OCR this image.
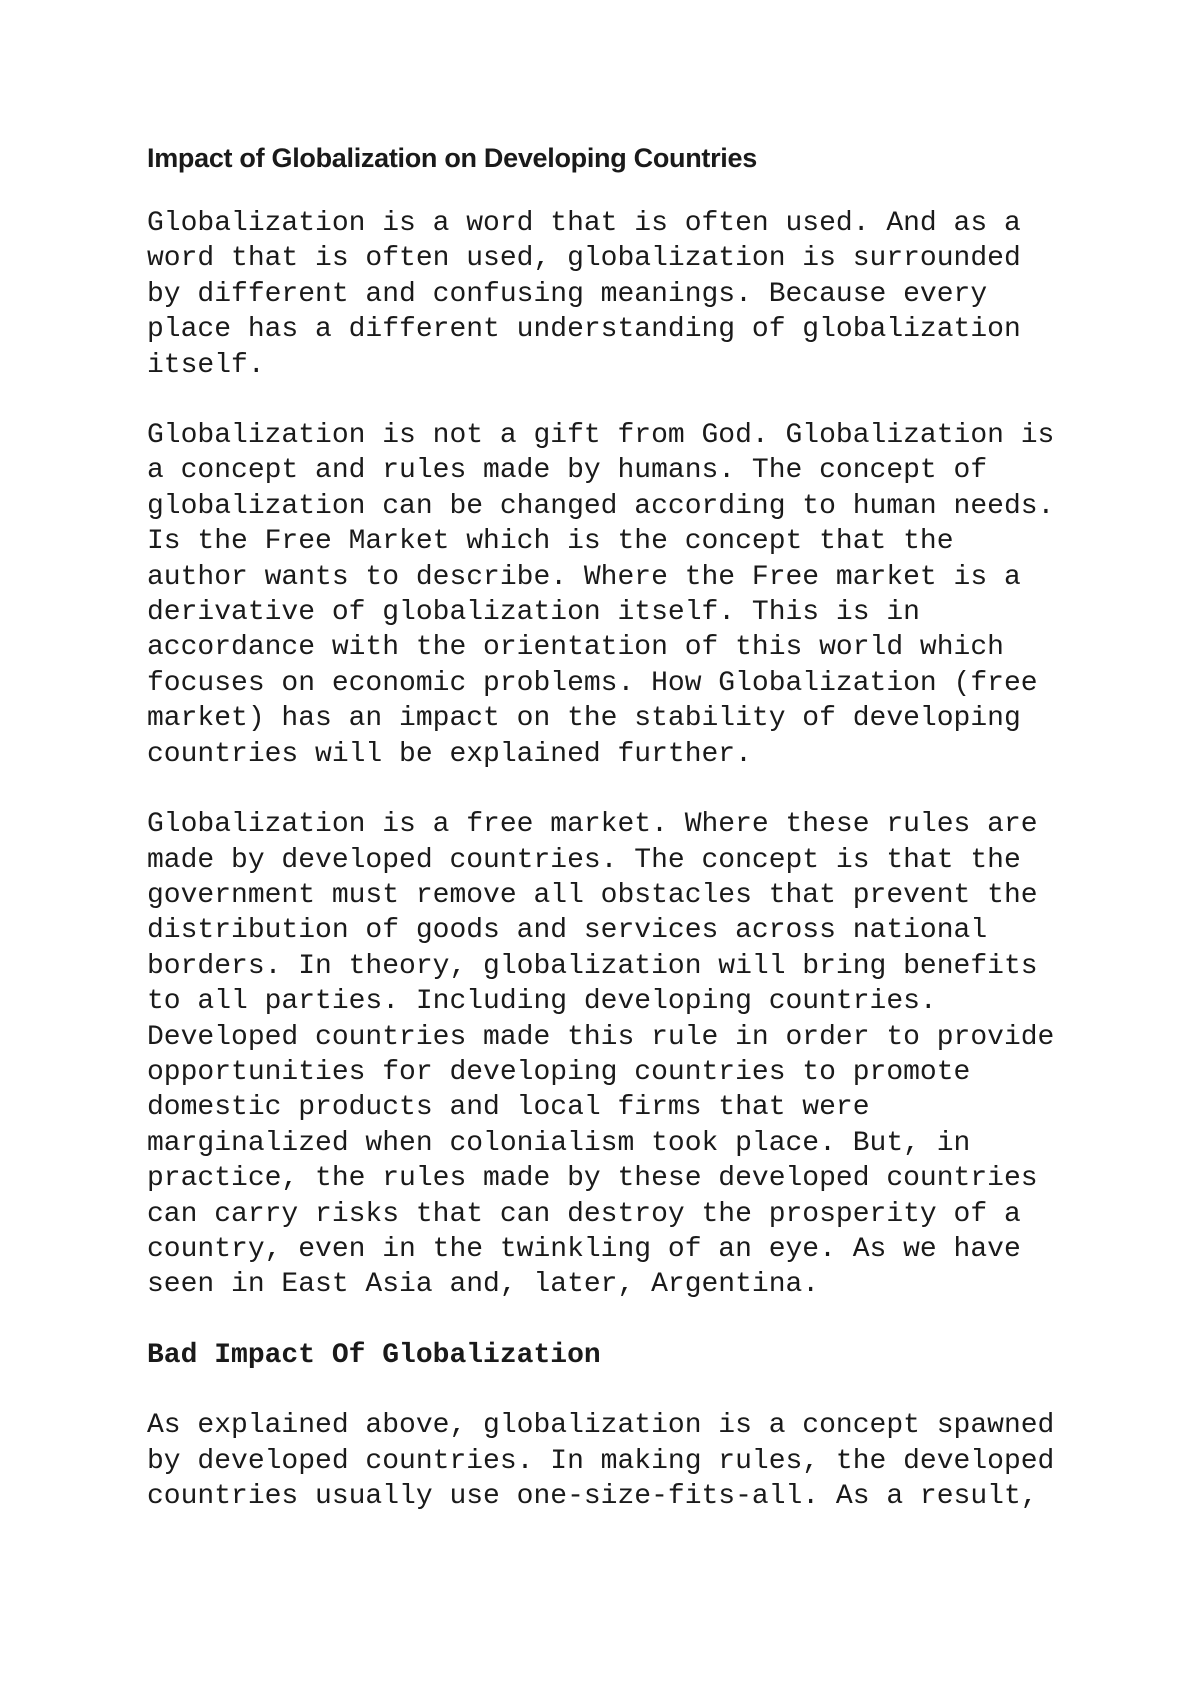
Impact of Globalization on Developing Countries

Globalization is a word that is often used. And as a
word that is often used, globalization is surrounded
by different and confusing meanings. Because every
place has a different understanding of globalization
itself.

Globalization is not a gift from God. Globalization is
a concept and rules made by humans. The concept of
globalization can be changed according to human needs.
Is the Free Market which is the concept that the
author wants to describe. Where the Free market is a
derivative of globalization itself. This is in
accordance with the orientation of this world which
focuses on economic problems. How Globalization (free
market) has an impact on the stability of developing
countries will be explained further.

Globalization is a free market. Where these rules are
made by developed countries. The concept is that the
government must remove all obstacles that prevent the
distribution of goods and services across national
borders. In theory, globalization will bring benefits
to all parties. Including developing countries.
Developed countries made this rule in order to provide
opportunities for developing countries to promote
domestic products and local firms that were
marginalized when colonialism took place. But, in
practice, the rules made by these developed countries
can carry risks that can destroy the prosperity of a
country, even in the twinkling of an eye. As we have
seen in East Asia and, later, Argentina.

Bad Impact Of Globalization

As explained above, globalization is a concept spawned
by developed countries. In making rules, the developed
countries usually use one-size-fits-all. As a result,
